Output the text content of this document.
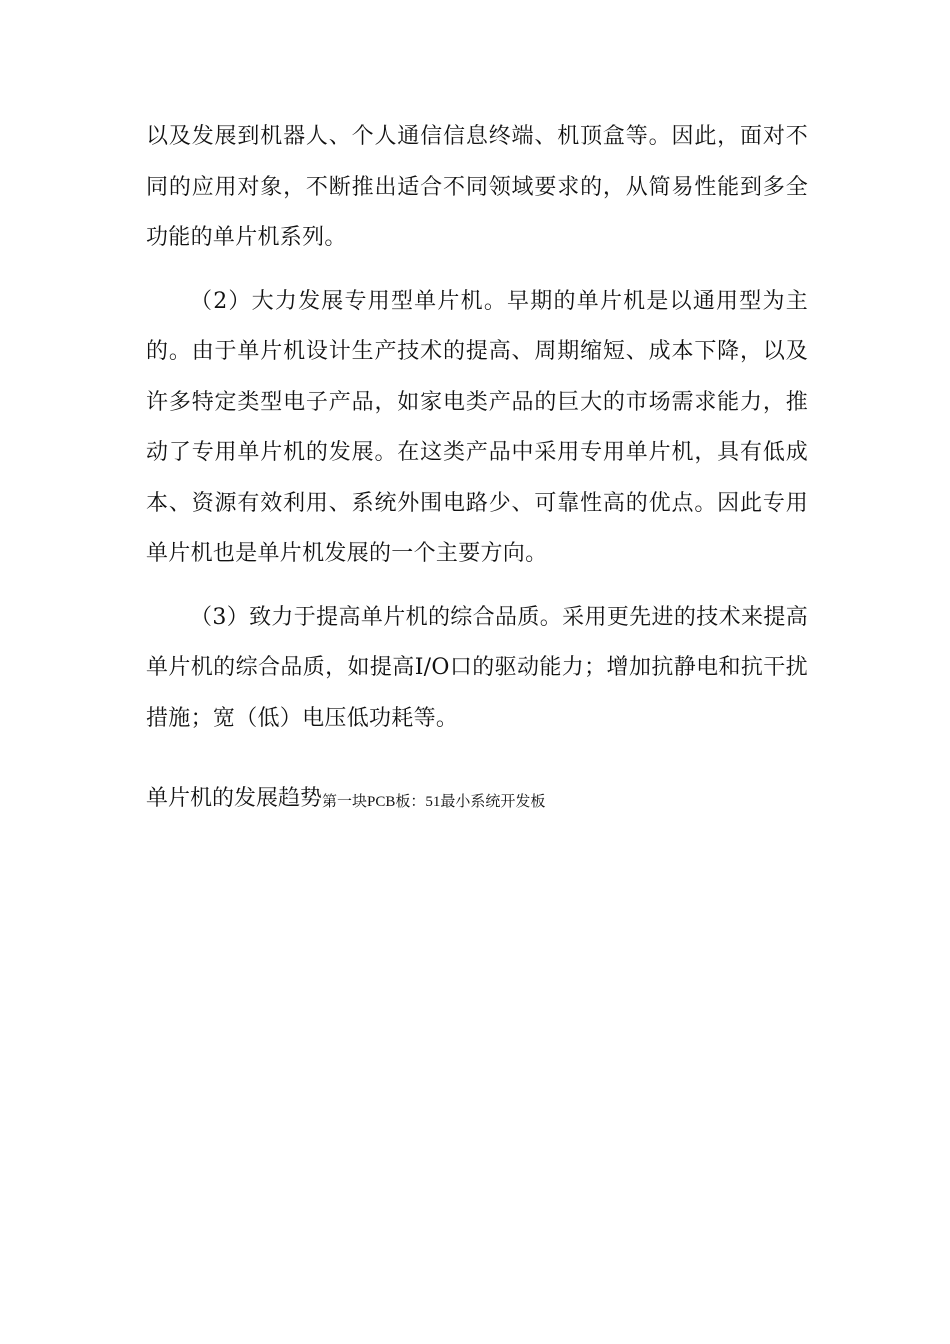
以及发展到机器人、个人通信信息终端、机顶盒等。因此，面对不同的应用对象，不断推出适合不同领域要求的，从简易性能到多全功能的单片机系列。

（2）大力发展专用型单片机。早期的单片机是以通用型为主的。由于单片机设计生产技术的提高、周期缩短、成本下降，以及许多特定类型电子产品，如家电类产品的巨大的市场需求能力，推动了专用单片机的发展。在这类产品中采用专用单片机，具有低成本、资源有效利用、系统外围电路少、可靠性高的优点。因此专用单片机也是单片机发展的一个主要方向。

（3）致力于提高单片机的综合品质。采用更先进的技术来提高单片机的综合品质，如提高I/O口的驱动能力；增加抗静电和抗干扰措施；宽（低）电压低功耗等。

单片机的发展趋势第一块PCB板：51最小系统开发板
